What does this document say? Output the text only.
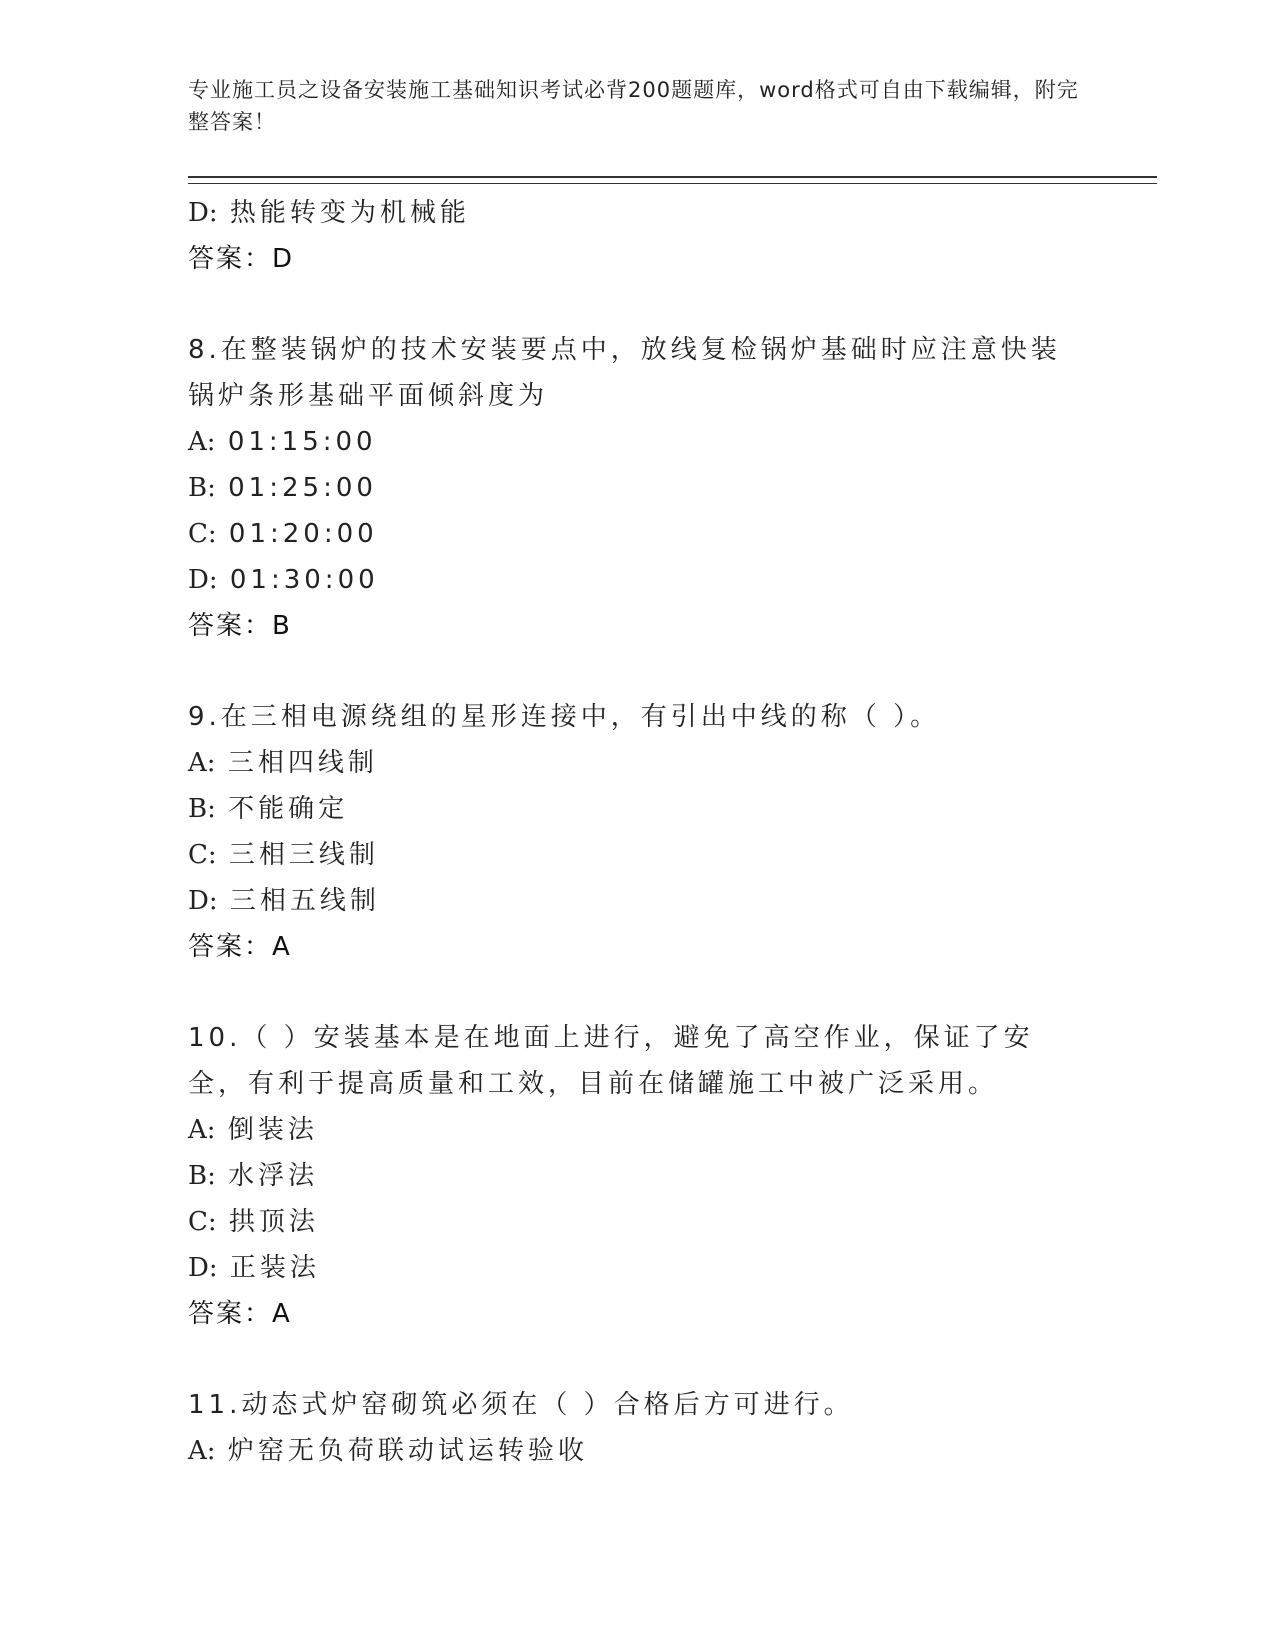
专业施工员之设备安装施工基础知识考试必背200题题库，word格式可自由下载编辑，附完整答案！
D: 热能转变为机械能
答案：D
8.在整装锅炉的技术安装要点中，放线复检锅炉基础时应注意快装锅炉条形基础平面倾斜度为
A: 01:15:00
B: 01:25:00
C: 01:20:00
D: 01:30:00
答案：B
9.在三相电源绕组的星形连接中，有引出中线的称（ ）。
A: 三相四线制
B: 不能确定
C: 三相三线制
D: 三相五线制
答案：A
10.（ ）安装基本是在地面上进行，避免了高空作业，保证了安全，有利于提高质量和工效，目前在储罐施工中被广泛采用。
A: 倒装法
B: 水浮法
C: 拱顶法
D: 正装法
答案：A
11.动态式炉窑砌筑必须在（ ）合格后方可进行。
A: 炉窑无负荷联动试运转验收
